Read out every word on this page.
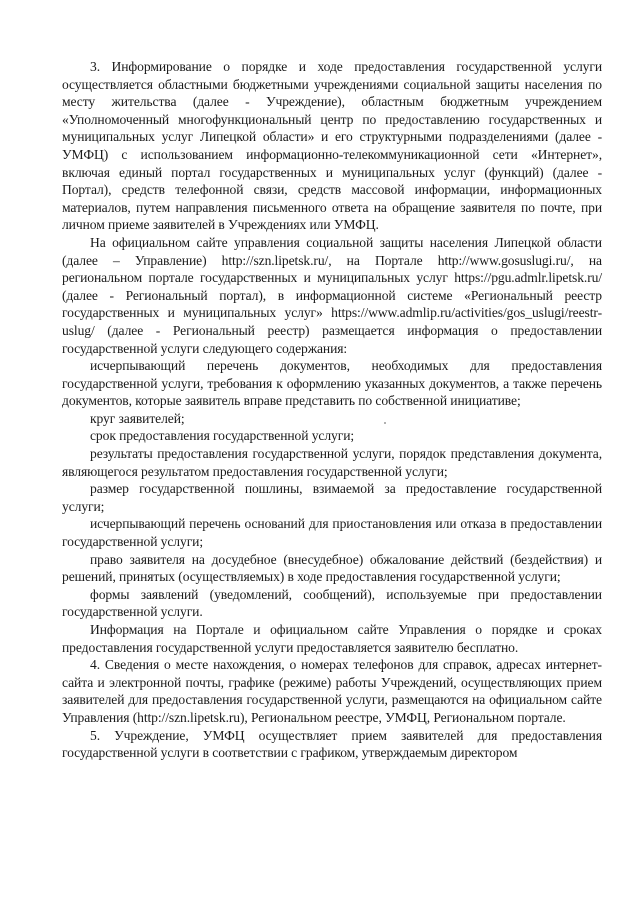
3. Информирование о порядке и ходе предоставления государственной услуги осуществляется областными бюджетными учреждениями социальной защиты населения по месту жительства (далее - Учреждение), областным бюджетным учреждением «Уполномоченный многофункциональный центр по предоставлению государственных и муниципальных услуг Липецкой области» и его структурными подразделениями (далее - УМФЦ) с использованием информационно-телекоммуникационной сети «Интернет», включая единый портал государственных и муниципальных услуг (функций) (далее - Портал), средств телефонной связи, средств массовой информации, информационных материалов, путем направления письменного ответа на обращение заявителя по почте, при личном приеме заявителей в Учреждениях или УМФЦ.

На официальном сайте управления социальной защиты населения Липецкой области (далее – Управление) http://szn.lipetsk.ru/, на Портале http://www.gosuslugi.ru/, на региональном портале государственных и муниципальных услуг https://pgu.admlr.lipetsk.ru/ (далее - Региональный портал), в информационной системе «Региональный реестр государственных и муниципальных услуг» https://www.admlip.ru/activities/gos_uslugi/reestr-uslug/ (далее - Региональный реестр) размещается информация о предоставлении государственной услуги следующего содержания:

исчерпывающий перечень документов, необходимых для предоставления государственной услуги, требования к оформлению указанных документов, а также перечень документов, которые заявитель вправе представить по собственной инициативе;

круг заявителей;

срок предоставления государственной услуги;

результаты предоставления государственной услуги, порядок представления документа, являющегося результатом предоставления государственной услуги;

размер государственной пошлины, взимаемой за предоставление государственной услуги;

исчерпывающий перечень оснований для приостановления или отказа в предоставлении государственной услуги;

право заявителя на досудебное (внесудебное) обжалование действий (бездействия) и решений, принятых (осуществляемых) в ходе предоставления государственной услуги;

формы заявлений (уведомлений, сообщений), используемые при предоставлении государственной услуги.

Информация на Портале и официальном сайте Управления о порядке и сроках предоставления государственной услуги предоставляется заявителю бесплатно.

4. Сведения о месте нахождения, о номерах телефонов для справок, адресах интернет-сайта и электронной почты, графике (режиме) работы Учреждений, осуществляющих прием заявителей для предоставления государственной услуги, размещаются на официальном сайте Управления (http://szn.lipetsk.ru), Региональном реестре, УМФЦ, Региональном портале.

5. Учреждение, УМФЦ осуществляет прием заявителей для предоставления государственной услуги в соответствии с графиком, утверждаемым директором
